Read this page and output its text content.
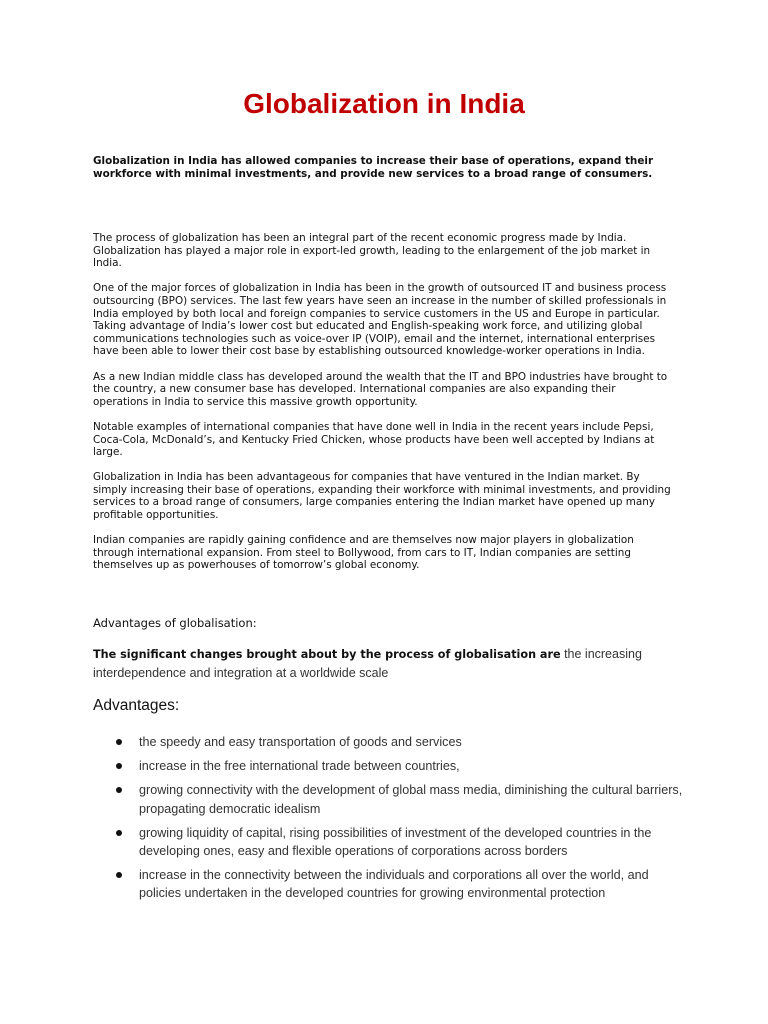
Globalization in India

Globalization in India has allowed companies to increase their base of operations, expand their workforce with minimal investments, and provide new services to a broad range of consumers.

The process of globalization has been an integral part of the recent economic progress made by India. Globalization has played a major role in export-led growth, leading to the enlargement of the job market in India.

One of the major forces of globalization in India has been in the growth of outsourced IT and business process outsourcing (BPO) services. The last few years have seen an increase in the number of skilled professionals in India employed by both local and foreign companies to service customers in the US and Europe in particular. Taking advantage of India’s lower cost but educated and English-speaking work force, and utilizing global communications technologies such as voice-over IP (VOIP), email and the internet, international enterprises have been able to lower their cost base by establishing outsourced knowledge-worker operations in India.

As a new Indian middle class has developed around the wealth that the IT and BPO industries have brought to the country, a new consumer base has developed. International companies are also expanding their operations in India to service this massive growth opportunity.

Notable examples of international companies that have done well in India in the recent years include Pepsi, Coca-Cola, McDonald’s, and Kentucky Fried Chicken, whose products have been well accepted by Indians at large.

Globalization in India has been advantageous for companies that have ventured in the Indian market. By simply increasing their base of operations, expanding their workforce with minimal investments, and providing services to a broad range of consumers, large companies entering the Indian market have opened up many profitable opportunities.

Indian companies are rapidly gaining confidence and are themselves now major players in globalization through international expansion. From steel to Bollywood, from cars to IT, Indian companies are setting themselves up as powerhouses of tomorrow’s global economy.

Advantages of globalisation:

The significant changes brought about by the process of globalisation are the increasing interdependence and integration at a worldwide scale

Advantages:
the speedy and easy transportation of goods and services
increase in the free international trade between countries,
growing connectivity with the development of global mass media, diminishing the cultural barriers, propagating democratic idealism
growing liquidity of capital, rising possibilities of investment of the developed countries in the developing ones, easy and flexible operations of corporations across borders
increase in the connectivity between the individuals and corporations all over the world, and policies undertaken in the developed countries for growing environmental protection
